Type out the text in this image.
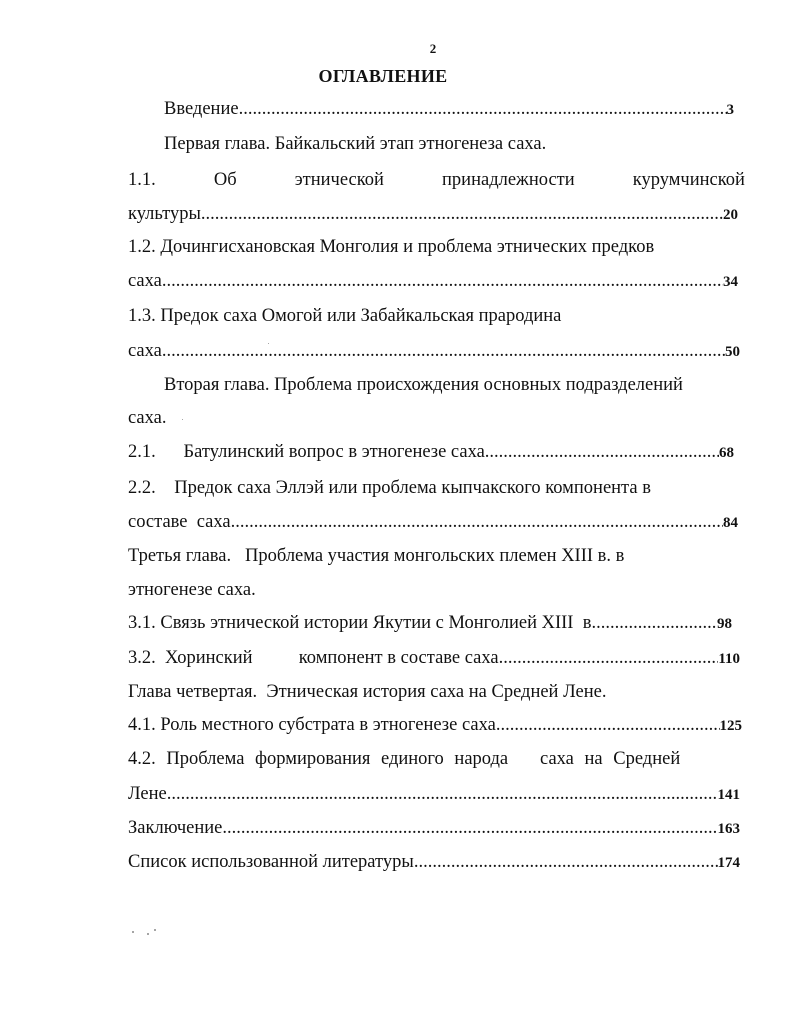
2
ОГЛАВЛЕНИЕ
Введение .....	3
Первая глава. Байкальский этап этногенеза саха.
1.1.	Об	этнической	принадлежности	курумчинской
культуры .....	20
1.2. Дочингисхановская Монголия и проблема этнических предков
саха .....	34
1.3. Предок саха Омогой или Забайкальская прародина
саха .....	50
Вторая глава. Проблема происхождения основных подразделений
саха.
2.1.      Батулинский вопрос в этногенезе саха .....	68
2.2.    Предок саха Эллэй или проблема кыпчакского компонента в
составе  саха .....	84
Третья глава.   Проблема участия монгольских племен XIII в. в
этногенезе саха.
3.1. Связь этнической истории Якутии с Монголией XIII  в .....	98
3.2.  Хоринский          компонент в составе саха .....	110
Глава четвертая.  Этническая история саха на Средней Лене.
4.1. Роль местного субстрата в этногенезе саха .....	125
4.2. Проблема формирования единого народа   саха на Средней
Лене .....	141
Заключение .....	163
Список использованной литературы .....	174
